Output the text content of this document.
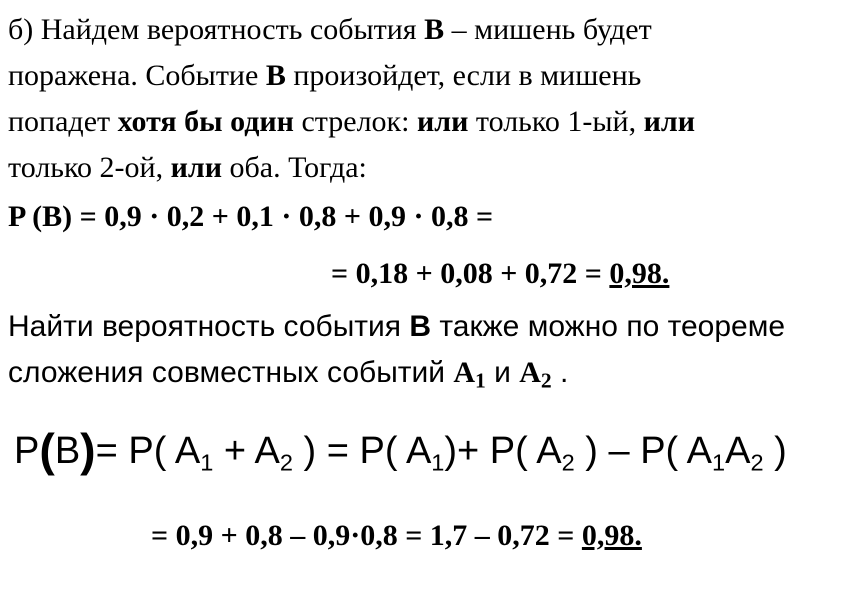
б) Найдем вероятность события В – мишень будет
поражена. Событие В произойдет, если в мишень
попадет хотя бы один стрелок: или только 1-ый, или
только 2-ой, или оба. Тогда:
P (B) = 0,9 · 0,2 + 0,1 · 0,8 + 0,9 · 0,8 =
= 0,18 + 0,08 + 0,72 = 0,98.
Найти вероятность события В также можно по теореме
сложения совместных событий $A_1$ и $A_2$ .
P(B)= P( $A_1 + A_2$ ) = P( $A_1)+ P$( $A_2$ ) – P( $A_1A_2$ )
= 0,9 + 0,8 – 0,9·0,8 = 1,7 – 0,72 = 0,98.
